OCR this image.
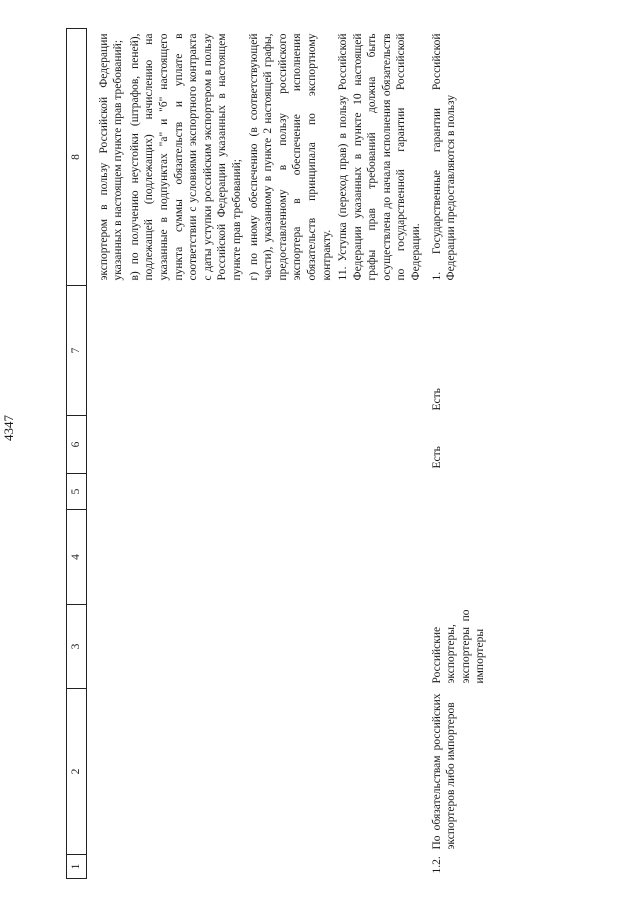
4347
1	2	3	4	5	6	7	8

							экспортером в пользу Российской Федерации указанных в настоящем пункте прав требований; в) по получению неустойки (штрафов, пеней), подлежащей (подлежащих) начислению на указанные в подпунктах "а" и "б" настоящего пункта суммы обязательств и уплате в соответствии с условиями экспортного контракта с даты уступки российским экспортером в пользу Российской Федерации указанных в настоящем пункте прав требований; г) по иному обеспечению (в соответствующей части), указанному в пункте 2 настоящей графы, предоставленному в пользу российского экспортера в обеспечение исполнения обязательств принципала по экспортному контракту. 11. Уступка (переход прав) в пользу Российской Федерации указанных в пункте 10 настоящей графы прав требований должна быть осуществлена до начала исполнения обязательств по государственной гарантии Российской Федерации.

1.2.	По обязательствам российских экспортеров либо импортеров	Российские экспортеры, экспортеры по импортеры			Есть	Есть	1. Государственные гарантии Российской Федерации предоставляются в пользу
